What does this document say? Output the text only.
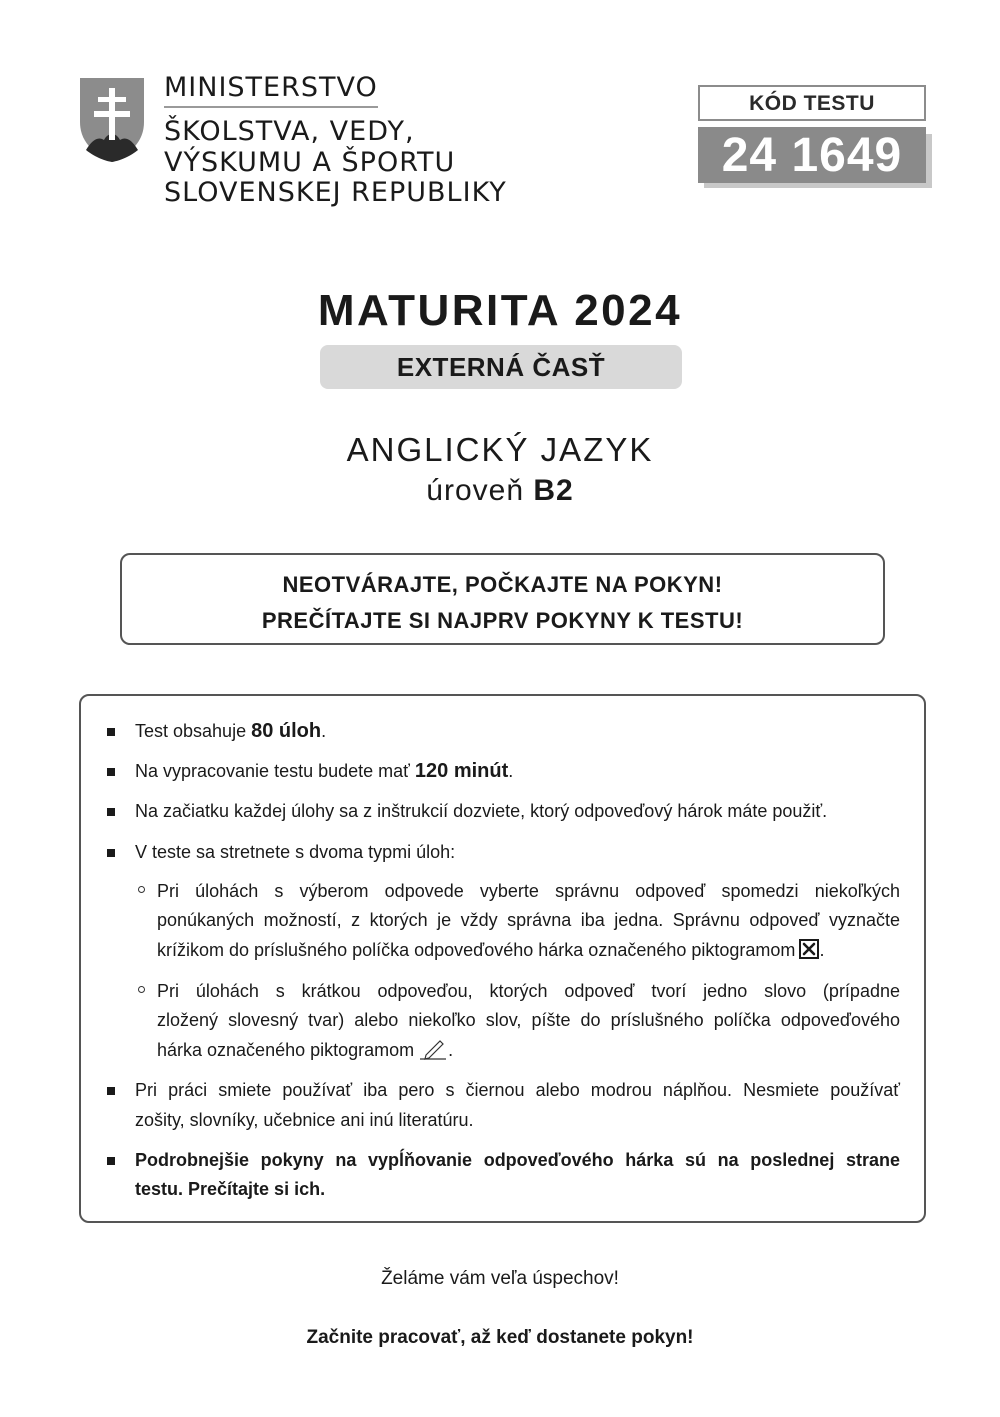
MINISTERSTVO
ŠKOLSTVA, VEDY,
VÝSKUMU A ŠPORTU
SLOVENSKEJ REPUBLIKY
KÓD TESTU
24 1649
MATURITA 2024
EXTERNÁ ČASŤ
ANGLICKÝ JAZYK
úroveň B2
NEOTVÁRAJTE, POČKAJTE NA POKYN!
PREČÍTAJTE SI NAJPRV POKYNY K TESTU!
Test obsahuje 80 úloh.
Na vypracovanie testu budete mať 120 minút.
Na začiatku každej úlohy sa z inštrukcií dozviete, ktorý odpoveďový hárok máte použiť.
V teste sa stretnete s dvoma typmi úloh:
Pri úlohách s výberom odpovede vyberte správnu odpoveď spomedzi niekoľkých
ponúkaných možností, z ktorých je vždy správna iba jedna. Správnu odpoveď vyznačte
krížikom do príslušného políčka odpoveďového hárka označeného piktogramom ☒.
Pri úlohách s krátkou odpoveďou, ktorých odpoveď tvorí jedno slovo (prípadne
zložený slovesný tvar) alebo niekoľko slov, píšte do príslušného políčka odpoveďového
hárka označeného piktogramom .
Pri práci smiete používať iba pero s čiernou alebo modrou náplňou. Nesmiete používať
zošity, slovníky, učebnice ani inú literatúru.
Podrobnejšie pokyny na vypĺňovanie odpoveďového hárka sú na poslednej strane
testu. Prečítajte si ich.
Želáme vám veľa úspechov!
Začnite pracovať, až keď dostanete pokyn!
